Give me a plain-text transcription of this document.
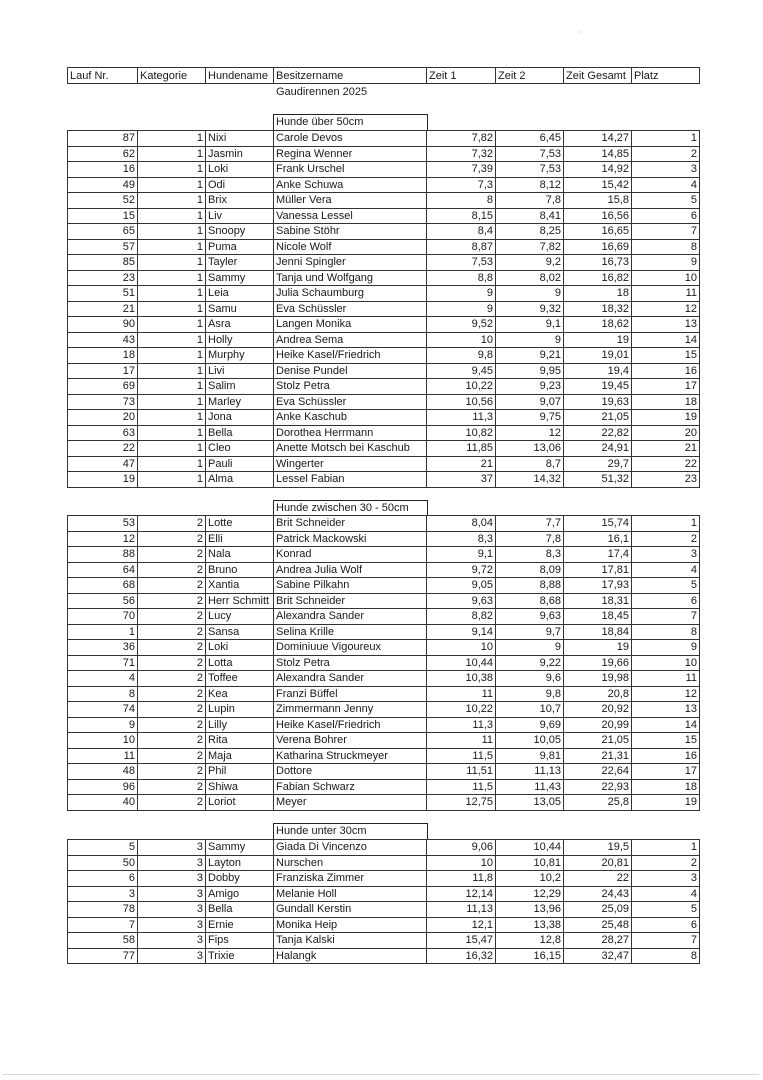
Lauf Nr.	Kategorie	Hundename	Besitzername	Zeit 1	Zeit 2	Zeit Gesamt	Platz
Gaudirennen 2025
Hunde über 50cm
87	1	Nixi	Carole Devos	7,82	6,45	14,27	1
62	1	Jasmin	Regina Wenner	7,32	7,53	14,85	2
16	1	Loki	Frank Urschel	7,39	7,53	14,92	3
49	1	Odi	Anke Schuwa	7,3	8,12	15,42	4
52	1	Brix	Müller Vera	8	7,8	15,8	5
15	1	Liv	Vanessa Lessel	8,15	8,41	16,56	6
65	1	Snoopy	Sabine Stöhr	8,4	8,25	16,65	7
57	1	Puma	Nicole Wolf	8,87	7,82	16,69	8
85	1	Tayler	Jenni Spingler	7,53	9,2	16,73	9
23	1	Sammy	Tanja und Wolfgang	8,8	8,02	16,82	10
51	1	Leia	Julia Schaumburg	9	9	18	11
21	1	Samu	Eva Schüssler	9	9,32	18,32	12
90	1	Asra	Langen Monika	9,52	9,1	18,62	13
43	1	Holly	Andrea Sema	10	9	19	14
18	1	Murphy	Heike Kasel/Friedrich	9,8	9,21	19,01	15
17	1	Livi	Denise Pundel	9,45	9,95	19,4	16
69	1	Salim	Stolz Petra	10,22	9,23	19,45	17
73	1	Marley	Eva Schüssler	10,56	9,07	19,63	18
20	1	Jona	Anke Kaschub	11,3	9,75	21,05	19
63	1	Bella	Dorothea Herrmann	10,82	12	22,82	20
22	1	Cleo	Anette Motsch bei Kaschub	11,85	13,06	24,91	21
47	1	Pauli	Wingerter	21	8,7	29,7	22
19	1	Alma	Lessel Fabian	37	14,32	51,32	23
Hunde zwischen 30 - 50cm
53	2	Lotte	Brit Schneider	8,04	7,7	15,74	1
12	2	Elli	Patrick Mackowski	8,3	7,8	16,1	2
88	2	Nala	Konrad	9,1	8,3	17,4	3
64	2	Bruno	Andrea Julia Wolf	9,72	8,09	17,81	4
68	2	Xantia	Sabine Pilkahn	9,05	8,88	17,93	5
56	2	Herr Schmitt	Brit Schneider	9,63	8,68	18,31	6
70	2	Lucy	Alexandra Sander	8,82	9,63	18,45	7
1	2	Sansa	Selina Krille	9,14	9,7	18,84	8
36	2	Loki	Dominiuue Vigoureux	10	9	19	9
71	2	Lotta	Stolz Petra	10,44	9,22	19,66	10
4	2	Toffee	Alexandra Sander	10,38	9,6	19,98	11
8	2	Kea	Franzi Büffel	11	9,8	20,8	12
74	2	Lupin	Zimmermann Jenny	10,22	10,7	20,92	13
9	2	Lilly	Heike Kasel/Friedrich	11,3	9,69	20,99	14
10	2	Rita	Verena Bohrer	11	10,05	21,05	15
11	2	Maja	Katharina Struckmeyer	11,5	9,81	21,31	16
48	2	Phil	Dottore	11,51	11,13	22,64	17
96	2	Shiwa	Fabian Schwarz	11,5	11,43	22,93	18
40	2	Loriot	Meyer	12,75	13,05	25,8	19
Hunde unter 30cm
5	3	Sammy	Giada Di Vincenzo	9,06	10,44	19,5	1
50	3	Layton	Nurschen	10	10,81	20,81	2
6	3	Dobby	Franziska Zimmer	11,8	10,2	22	3
3	3	Amigo	Melanie Holl	12,14	12,29	24,43	4
78	3	Bella	Gundall Kerstin	11,13	13,96	25,09	5
7	3	Ernie	Monika Heip	12,1	13,38	25,48	6
58	3	Fips	Tanja Kalski	15,47	12,8	28,27	7
77	3	Trixie	Halangk	16,32	16,15	32,47	8
